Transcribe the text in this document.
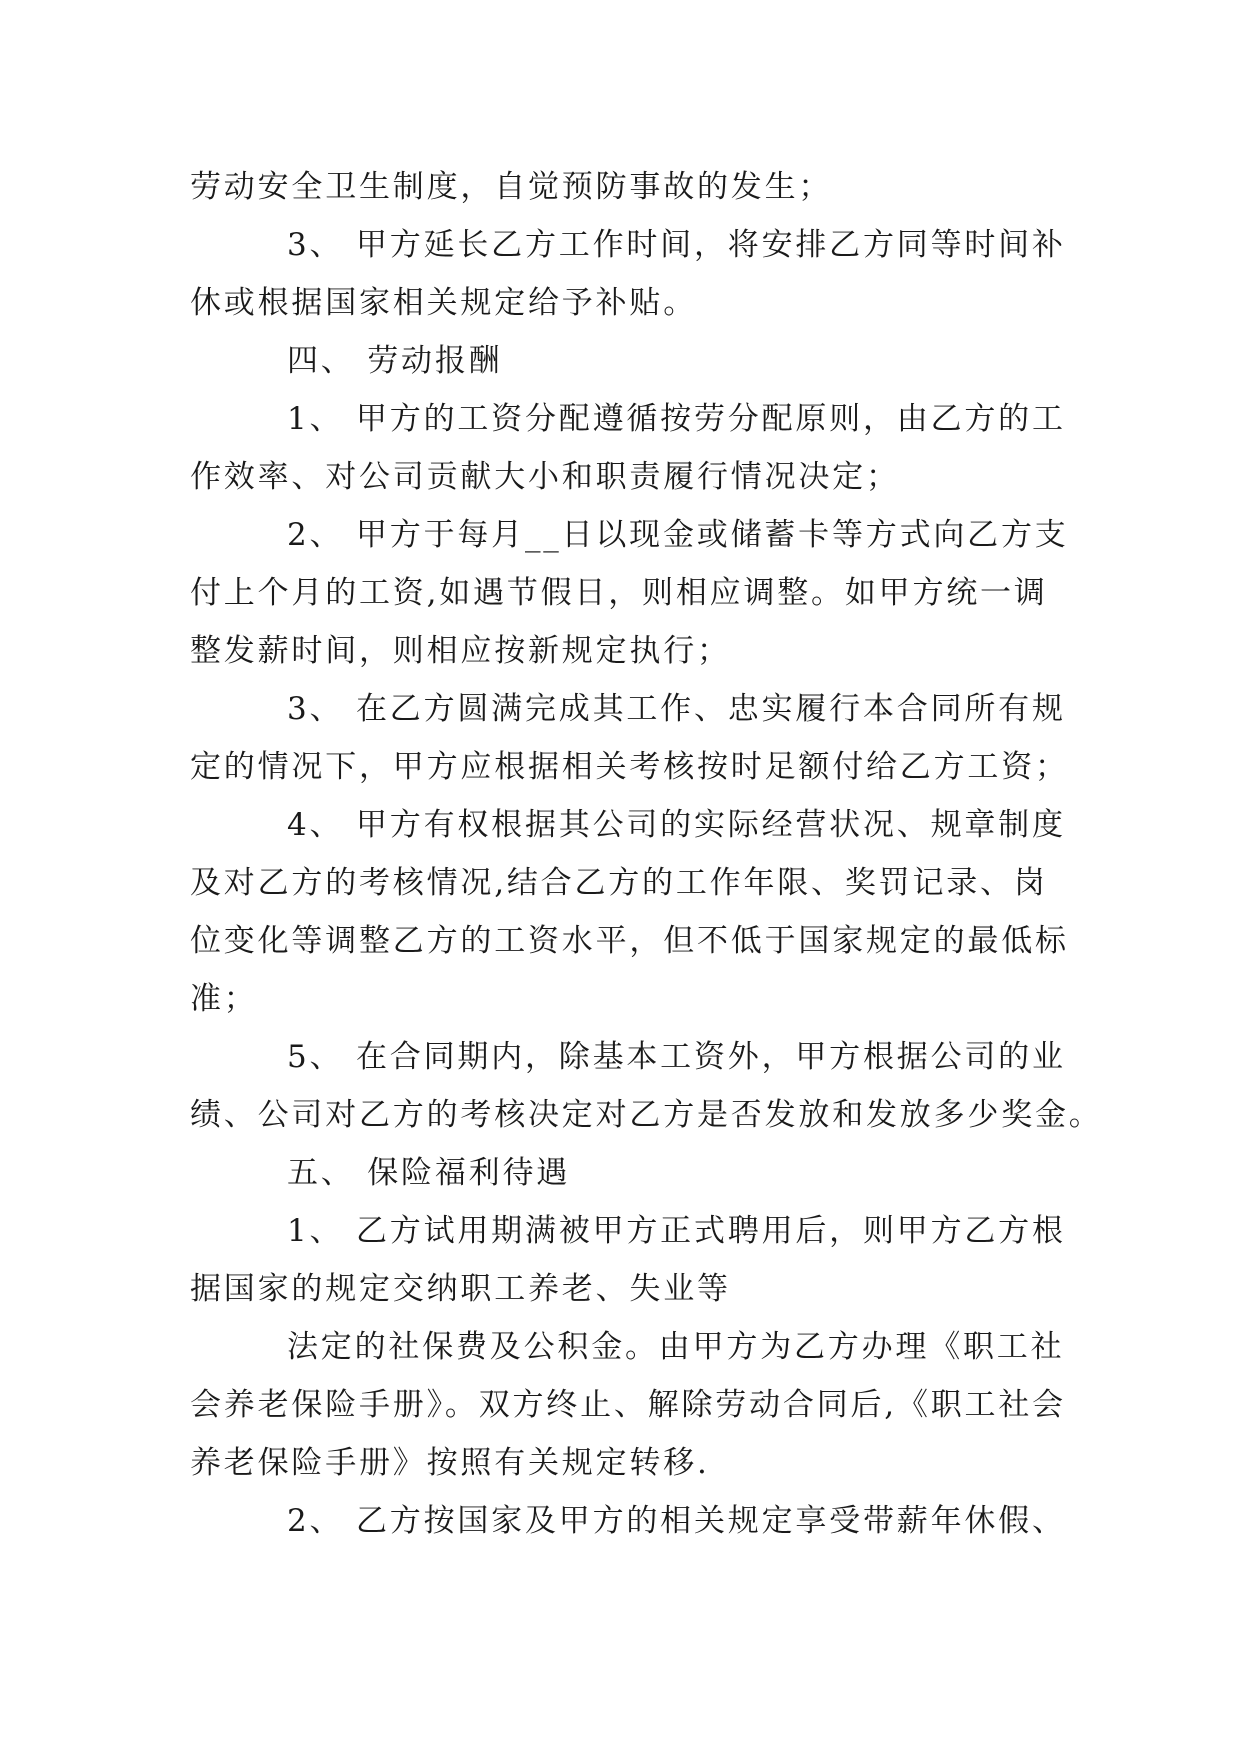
劳动安全卫生制度，自觉预防事故的发生；
3、 甲方延长乙方工作时间，将安排乙方同等时间补
休或根据国家相关规定给予补贴。
四、 劳动报酬
1、 甲方的工资分配遵循按劳分配原则，由乙方的工
作效率、对公司贡献大小和职责履行情况决定；
2、 甲方于每月__日以现金或储蓄卡等方式向乙方支
付上个月的工资,如遇节假日，则相应调整。如甲方统一调
整发薪时间，则相应按新规定执行；
3、 在乙方圆满完成其工作、忠实履行本合同所有规
定的情况下，甲方应根据相关考核按时足额付给乙方工资；
4、 甲方有权根据其公司的实际经营状况、规章制度
及对乙方的考核情况,结合乙方的工作年限、奖罚记录、岗
位变化等调整乙方的工资水平，但不低于国家规定的最低标
准；
5、 在合同期内，除基本工资外，甲方根据公司的业
绩、公司对乙方的考核决定对乙方是否发放和发放多少奖金。
五、 保险福利待遇
1、 乙方试用期满被甲方正式聘用后，则甲方乙方根
据国家的规定交纳职工养老、失业等
法定的社保费及公积金。由甲方为乙方办理《职工社
会养老保险手册》。双方终止、解除劳动合同后,《职工社会
养老保险手册》按照有关规定转移.
2、 乙方按国家及甲方的相关规定享受带薪年休假、
